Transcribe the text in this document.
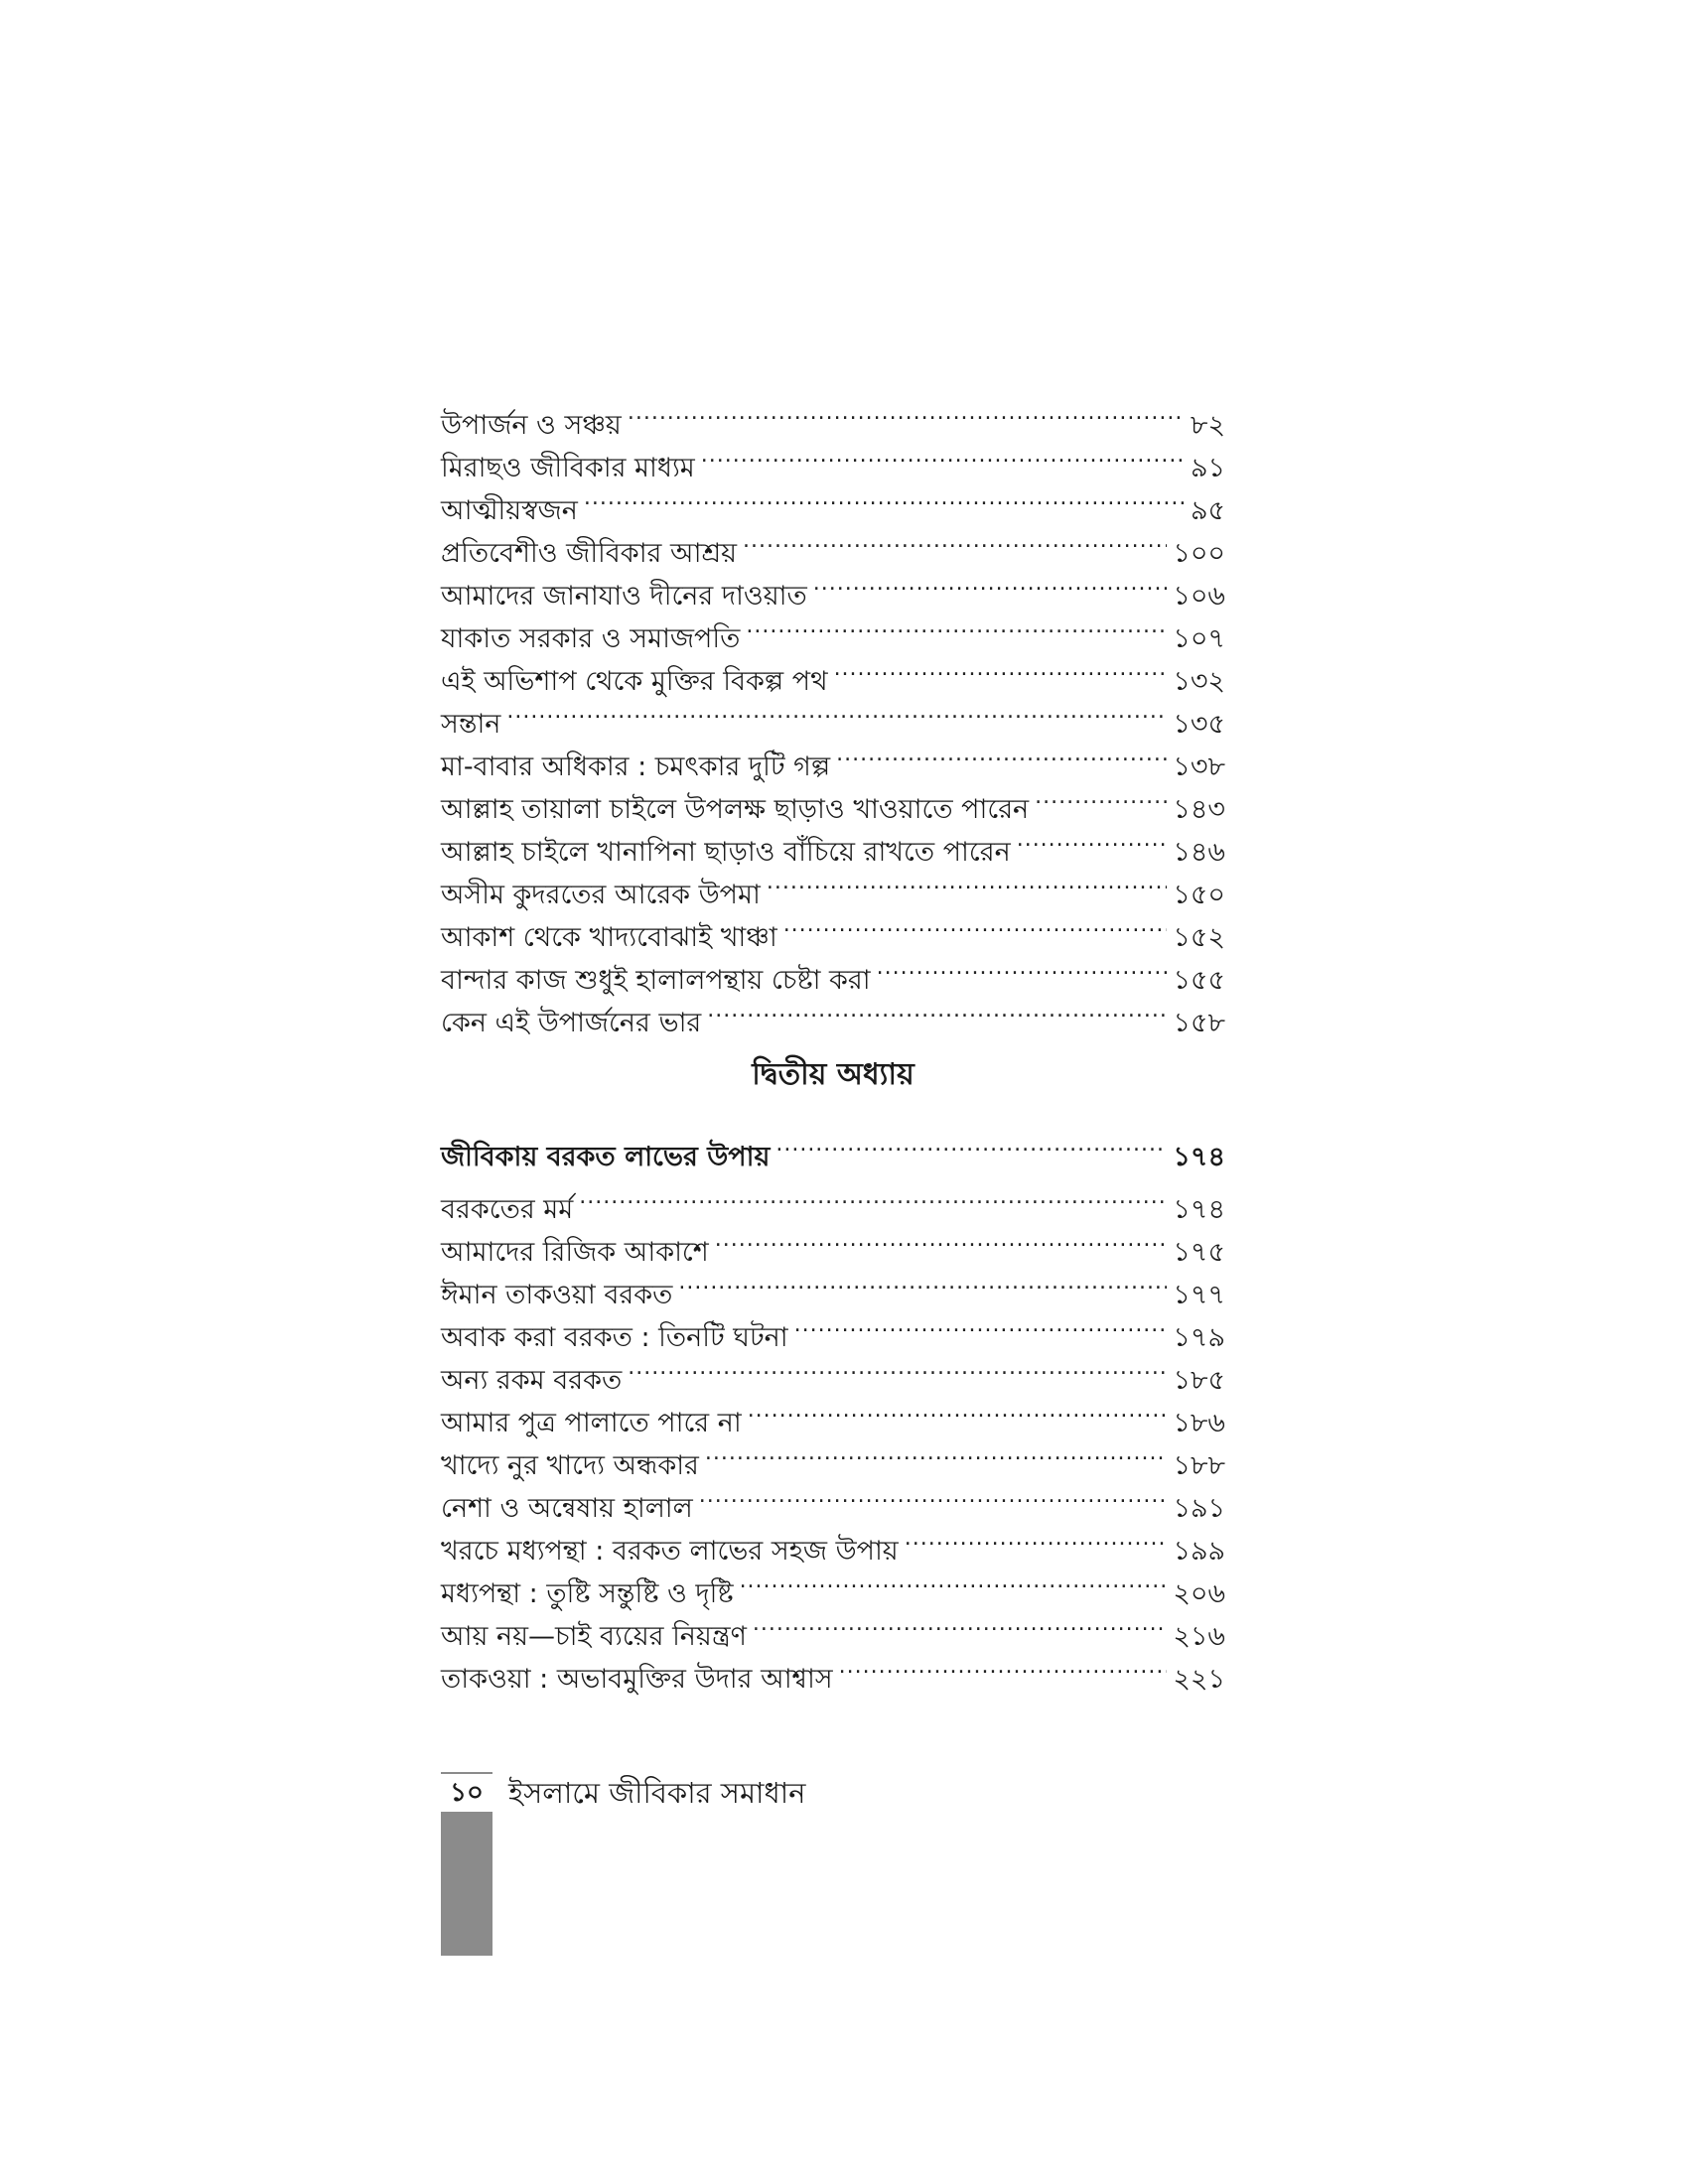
উপার্জন ও সঞ্চয় .....	৮২
মিরাছও জীবিকার মাধ্যম .....	৯১
আত্মীয়স্বজন .....	৯৫
প্রতিবেশীও জীবিকার আশ্রয় .....	১০০
আমাদের জানাযাও দীনের দাওয়াত .....	১০৬
যাকাত সরকার ও সমাজপতি .....	১০৭
এই অভিশাপ থেকে মুক্তির বিকল্প পথ .....	১৩২
সন্তান .....	১৩৫
মা-বাবার অধিকার : চমৎকার দুটি গল্প .....	১৩৮
আল্লাহ তায়ালা চাইলে উপলক্ষ ছাড়াও খাওয়াতে পারেন .....	১৪৩
আল্লাহ চাইলে খানাপিনা ছাড়াও বাঁচিয়ে রাখতে পারেন .....	১৪৬
অসীম কুদরতের আরেক উপমা .....	১৫০
আকাশ থেকে খাদ্যবোঝাই খাঞ্চা .....	১৫২
বান্দার কাজ শুধুই হালালপন্থায় চেষ্টা করা .....	১৫৫
কেন এই উপার্জনের ভার .....	১৫৮
দ্বিতীয় অধ্যায়
জীবিকায় বরকত লাভের উপায় .....	১৭৪
বরকতের মর্ম .....	১৭৪
আমাদের রিজিক আকাশে .....	১৭৫
ঈমান তাকওয়া বরকত .....	১৭৭
অবাক করা বরকত : তিনটি ঘটনা .....	১৭৯
অন্য রকম বরকত .....	১৮৫
আমার পুত্র পালাতে পারে না .....	১৮৬
খাদ্যে নুর খাদ্যে অন্ধকার .....	১৮৮
নেশা ও অন্বেষায় হালাল .....	১৯১
খরচে মধ্যপন্থা : বরকত লাভের সহজ উপায় .....	১৯৯
মধ্যপন্থা : তুষ্টি সন্তুষ্টি ও দৃষ্টি .....	২০৬
আয় নয়—চাই ব্যয়ের নিয়ন্ত্রণ .....	২১৬
তাকওয়া : অভাবমুক্তির উদার আশ্বাস .....	২২১
১০ ইসলামে জীবিকার সমাধান
